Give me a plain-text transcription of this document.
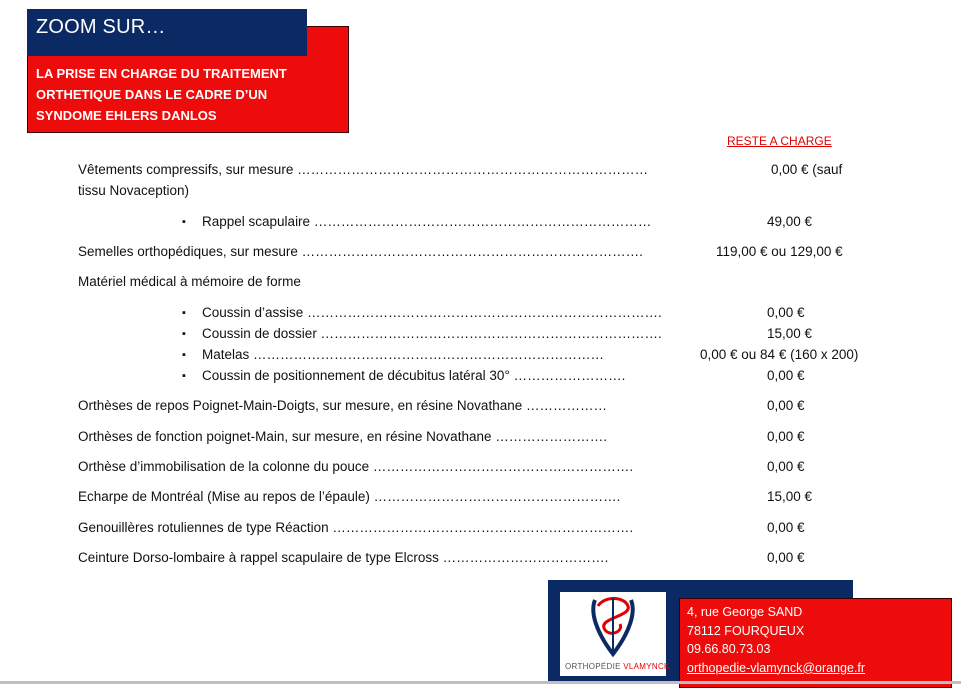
ZOOM SUR…
LA PRISE EN CHARGE DU TRAITEMENT
ORTHETIQUE DANS LE CADRE D’UN
SYNDOME EHLERS DANLOS
RESTE A CHARGE
Vêtements compressifs, sur mesure ……………………………………………………………………	0,00 € (sauf
tissu Novaception)
▪ Rappel scapulaire …………………………………………………………………	49,00 €
Semelles orthopédiques, sur mesure ………………………………………………………………….	119,00 € ou 129,00 €
Matériel médical à mémoire de forme
▪ Coussin d’assise …………………………………………………………………….	0,00 €
▪ Coussin de dossier ………………………………………………………………….	15,00 €
▪ Matelas ……………………………………………………………………	0,00 € ou 84 € (160 x 200)
▪ Coussin de positionnement de décubitus latéral 30° …………………….	0,00 €
Orthèses de repos Poignet-Main-Doigts, sur mesure, en résine Novathane ………………	0,00 €
Orthèses de fonction poignet-Main, sur mesure, en résine Novathane …………………….	0,00 €
Orthèse d’immobilisation de la colonne du pouce ………………………………………………….	0,00 €
Echarpe de Montréal (Mise au repos de l’épaule) ……………………………………………….	15,00 €
Genouillères rotuliennes de type Réaction ………………………………………………………….	0,00 €
Ceinture Dorso-lombaire à rappel scapulaire de type Elcross ……………………………….	0,00 €
ORTHOPÉDIE VLAMYNCK
4, rue George SAND
78112 FOURQUEUX
09.66.80.73.03
orthopedie-vlamynck@orange.fr
